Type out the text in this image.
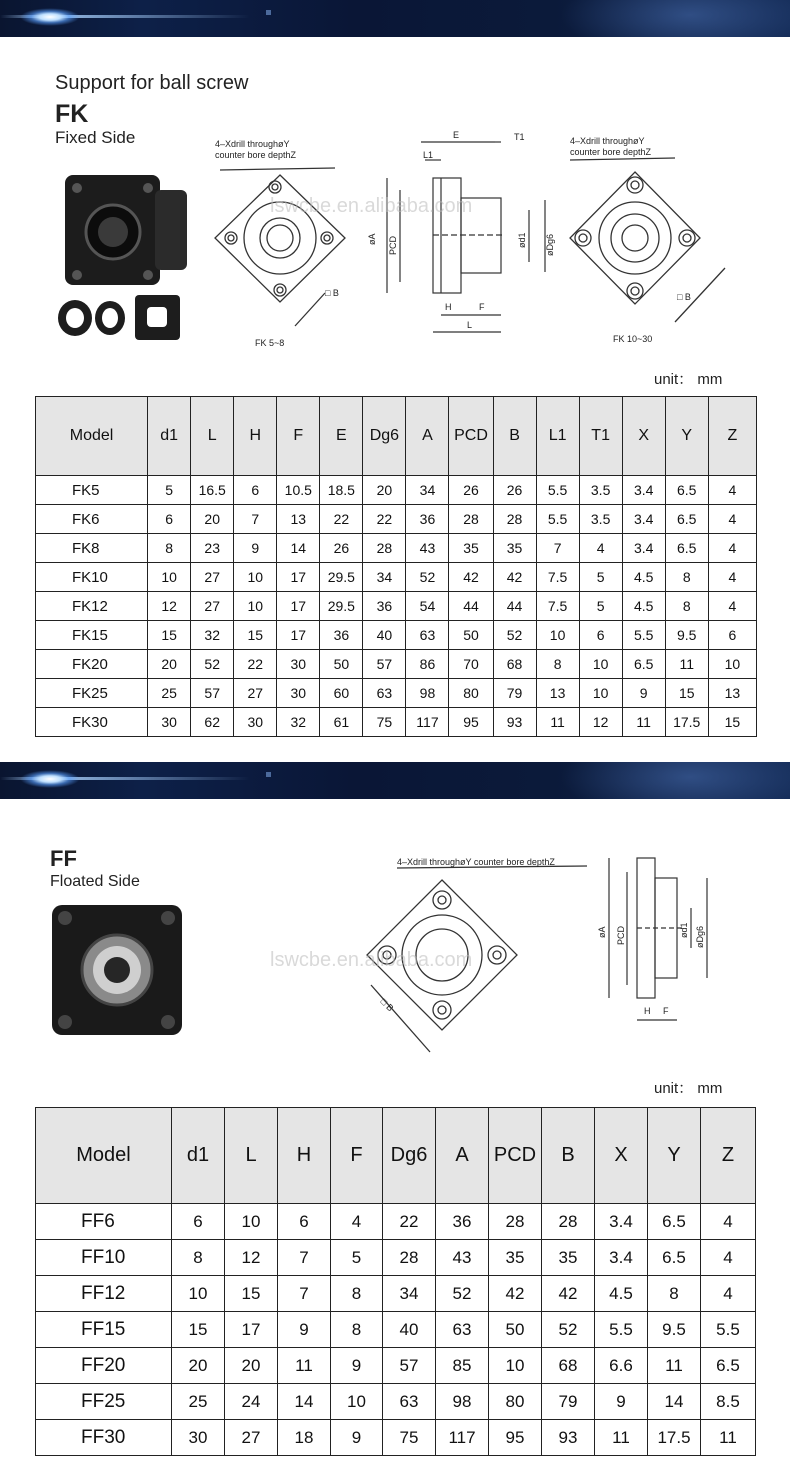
Support for ball screw
FK
Fixed Side	4–Xdrill throughøY
counter bore depthZ
□ B
FK 5~8
E	T1
L1
øA PCD	ød1 øDg6
H	F
L
4–Xdrill throughøY
counter bore depthZ
□ B
FK 10~30
lswcbe.en.alibaba.com
unit： mm
Model	d1	L	H	F	E	Dg6	A	PCD	B	L1	T1	X	Y	Z
FK5	5	16.5	6	10.5	18.5	20	34	26	26	5.5	3.5	3.4	6.5	4
FK6	6	20	7	13	22	22	36	28	28	5.5	3.5	3.4	6.5	4
FK8	8	23	9	14	26	28	43	35	35	7	4	3.4	6.5	4
FK10	10	27	10	17	29.5	34	52	42	42	7.5	5	4.5	8	4
FK12	12	27	10	17	29.5	36	54	44	44	7.5	5	4.5	8	4
FK15	15	32	15	17	36	40	63	50	52	10	6	5.5	9.5	6
FK20	20	52	22	30	50	57	86	70	68	8	10	6.5	11	10
FK25	25	57	27	30	60	63	98	80	79	13	10	9	15	13
FK30	30	62	30	32	61	75	117	95	93	11	12	11	17.5	15
FF
Floated Side
4–Xdrill throughøY counter bore depthZ
□ B
øA PCD	ød1 øDg6
H F
lswcbe.en.alibaba.com
unit： mm
Model	d1	L	H	F	Dg6	A	PCD	B	X	Y	Z
FF6	6	10	6	4	22	36	28	28	3.4	6.5	4
FF10	8	12	7	5	28	43	35	35	3.4	6.5	4
FF12	10	15	7	8	34	52	42	42	4.5	8	4
FF15	15	17	9	8	40	63	50	52	5.5	9.5	5.5
FF20	20	20	11	9	57	85	10	68	6.6	11	6.5
FF25	25	24	14	10	63	98	80	79	9	14	8.5
FF30	30	27	18	9	75	117	95	93	11	17.5	11
